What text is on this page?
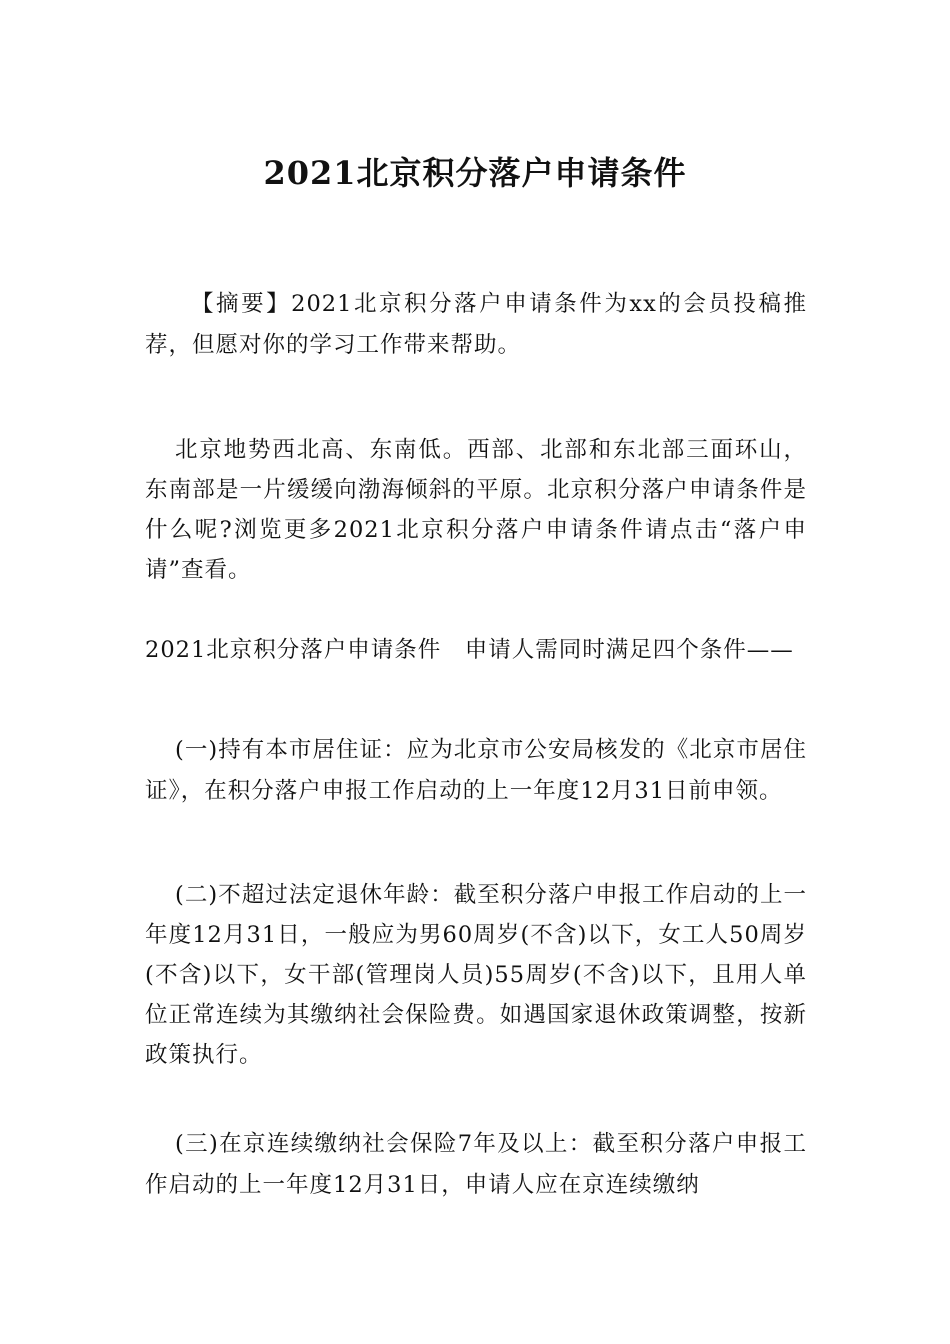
2021北京积分落户申请条件

【摘要】2021北京积分落户申请条件为xx的会员投稿推荐，但愿对你的学习工作带来帮助。

北京地势西北高、东南低。西部、北部和东北部三面环山，东南部是一片缓缓向渤海倾斜的平原。北京积分落户申请条件是什么呢?浏览更多2021北京积分落户申请条件请点击“落户申请”查看。

2021北京积分落户申请条件　申请人需同时满足四个条件——

(一)持有本市居住证：应为北京市公安局核发的《北京市居住证》，在积分落户申报工作启动的上一年度12月31日前申领。

(二)不超过法定退休年龄：截至积分落户申报工作启动的上一年度12月31日，一般应为男60周岁(不含)以下，女工人50周岁(不含)以下，女干部(管理岗人员)55周岁(不含)以下，且用人单位正常连续为其缴纳社会保险费。如遇国家退休政策调整，按新政策执行。

(三)在京连续缴纳社会保险7年及以上：截至积分落户申报工作启动的上一年度12月31日，申请人应在京连续缴纳
